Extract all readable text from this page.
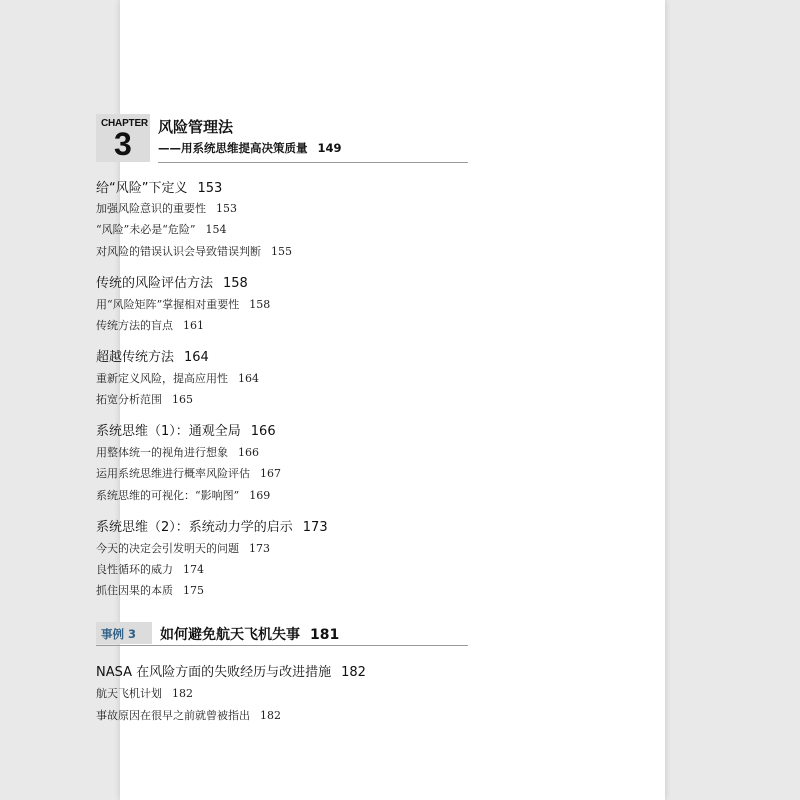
CHAPTER
3 风险管理法
——用系统思维提高决策质量 149
给“风险”下定义 153
加强风险意识的重要性 153
“风险”未必是“危险” 154
对风险的错误认识会导致错误判断 155
传统的风险评估方法 158
用“风险矩阵”掌握相对重要性 158
传统方法的盲点 161
超越传统方法 164
重新定义风险，提高应用性 164
拓宽分析范围 165
系统思维（1）：通观全局 166
用整体统一的视角进行想象 166
运用系统思维进行概率风险评估 167
系统思维的可视化：“影响图” 169
系统思维（2）：系统动力学的启示 173
今天的决定会引发明天的问题 173
良性循环的威力 174
抓住因果的本质 175
事例 3 如何避免航天飞机失事 181
NASA 在风险方面的失败经历与改进措施 182
航天飞机计划 182
事故原因在很早之前就曾被指出 182
